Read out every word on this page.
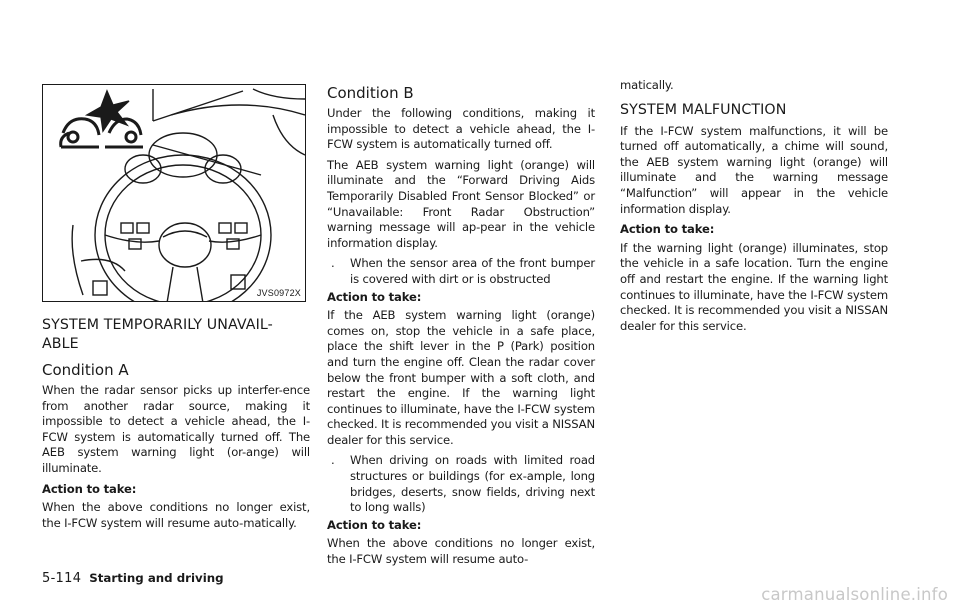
JVS0972X
SYSTEM TEMPORARILY UNAVAIL-
ABLE
Condition A

When the radar sensor picks up interfer-ence from another radar source, making it impossible to detect a vehicle ahead, the I-FCW system is automatically turned off. The AEB system warning light (or-ange) will illuminate.

Action to take:

When the above conditions no longer exist, the I-FCW system will resume auto-matically.

Condition B

Under the following conditions, making it impossible to detect a vehicle ahead, the I-FCW system is automatically turned off.

The AEB system warning light (orange) will illuminate and the “Forward Driving Aids Temporarily Disabled Front Sensor Blocked” or “Unavailable: Front Radar Obstruction” warning message will ap-pear in the vehicle information display.

. When the sensor area of the front bumper is covered with dirt or is obstructed

Action to take:

If the AEB system warning light (orange) comes on, stop the vehicle in a safe place, place the shift lever in the P (Park) position and turn the engine off. Clean the radar cover below the front bumper with a soft cloth, and restart the engine. If the warning light continues to illuminate, have the I-FCW system checked. It is recommended you visit a NISSAN dealer for this service.

. When driving on roads with limited road structures or buildings (for ex-ample, long bridges, deserts, snow fields, driving next to long walls)

Action to take:

When the above conditions no longer exist, the I-FCW system will resume auto-

matically.

SYSTEM MALFUNCTION

If the I-FCW system malfunctions, it will be turned off automatically, a chime will sound, the AEB system warning light (orange) will illuminate and the warning message “Malfunction” will appear in the vehicle information display.

Action to take:

If the warning light (orange) illuminates, stop the vehicle in a safe location. Turn the engine off and restart the engine. If the warning light continues to illuminate, have the I-FCW system checked. It is recommended you visit a NISSAN dealer for this service.

5-114 Starting and driving
carmanualsonline.info
